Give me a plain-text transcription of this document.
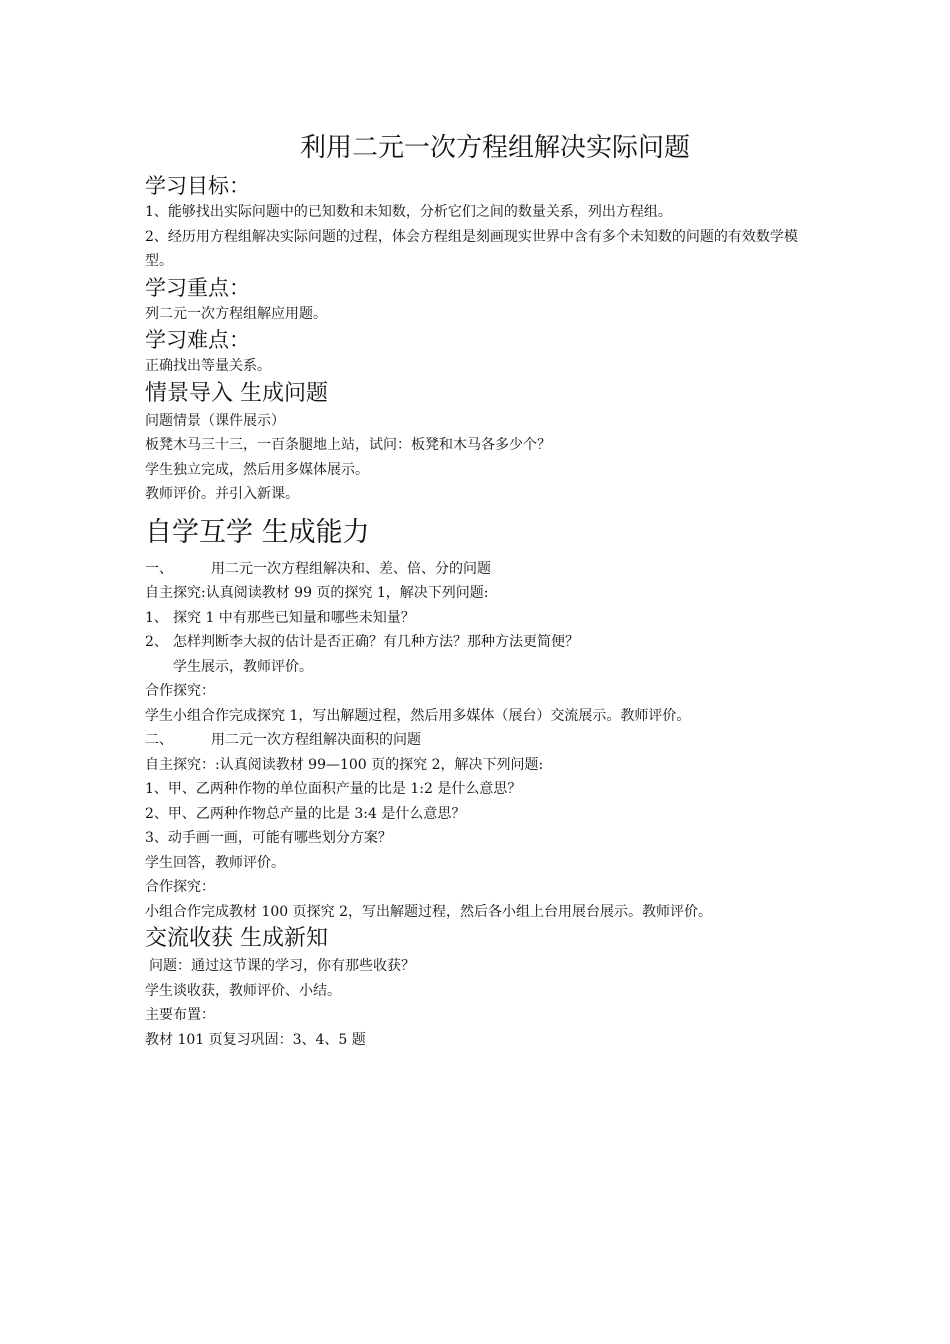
利用二元一次方程组解决实际问题
学习目标：
1、能够找出实际问题中的已知数和未知数，分析它们之间的数量关系，列出方程组。
2、经历用方程组解决实际问题的过程，体会方程组是刻画现实世界中含有多个未知数的问题的有效数学模型。
学习重点：
列二元一次方程组解应用题。
学习难点：
正确找出等量关系。
情景导入 生成问题
问题情景（课件展示）
板凳木马三十三，一百条腿地上站，试问：板凳和木马各多少个？
学生独立完成，然后用多媒体展示。
教师评价。并引入新课。
自学互学 生成能力
一、	用二元一次方程组解决和、差、倍、分的问题
自主探究:认真阅读教材 99 页的探究 1，解决下列问题:
1、 探究 1 中有那些已知量和哪些未知量？
2、 怎样判断李大叔的估计是否正确？有几种方法？那种方法更简便？
学生展示，教师评价。
合作探究：
学生小组合作完成探究 1，写出解题过程，然后用多媒体（展台）交流展示。教师评价。
二、	用二元一次方程组解决面积的问题
自主探究：:认真阅读教材 99—100 页的探究 2，解决下列问题:
1、甲、乙两种作物的单位面积产量的比是 1:2 是什么意思？
2、甲、乙两种作物总产量的比是 3:4 是什么意思？
3、动手画一画，可能有哪些划分方案？
学生回答，教师评价。
合作探究：
小组合作完成教材 100 页探究 2，写出解题过程，然后各小组上台用展台展示。教师评价。
交流收获 生成新知
问题：通过这节课的学习，你有那些收获？
学生谈收获，教师评价、小结。
主要布置：
教材 101 页复习巩固：3、4、5 题
